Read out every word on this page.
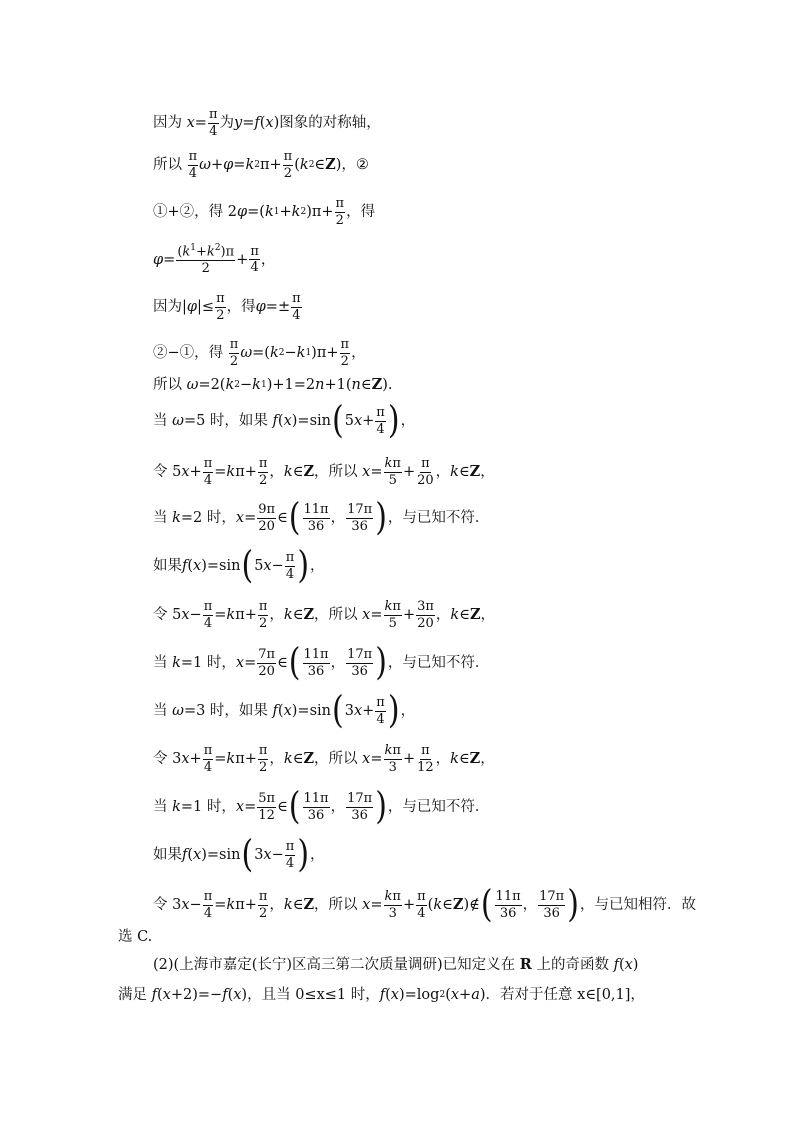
因为
$x = \frac{\pi}{4}$ 为 y = f ( x ) 图象的对称轴，
所以
$\frac{\pi}{4}$ ω + φ = k 2 $\pi+ \frac{\pi}{2}$ ( k 2 ∈ Z )， ②
①+②，得 2 φ =( k 1 + k 2 )$\pi+ \frac{\pi}{2}$ ，得
$\varphi = \frac{(k^1+k^2)\pi}{2} + \frac{\pi}{4}$ ，
因为 | φ |≤ $\frac{\pi}{2}$ ，得 $\varphi =\pm \frac{\pi}{4}$
②−①，得
$\frac{\pi}{2}$ ω =( k 2 − k 1 )$\pi+ \frac{\pi}{2}$ ，
所以
ω =2( k 2 − k 1 )+1=2 n +1( n ∈ Z ).
当
ω =5 时，如果
f ( x )=sin ( 5 $x + \frac{\pi}{4}$ ) ，
令 5 $x + \frac{\pi}{4} = k$ $\pi+ \frac{\pi}{2}$ ， k ∈ Z ，所以
$x = \frac{k\pi}{5} + \frac{\pi}{20}$ ， k ∈ Z ，
当
k =2 时， $x = \frac{9\pi}{20}$ ∈ ( $\frac{11\pi}{36}$ ， $\frac{17\pi}{36}$ ) ，与已知不符．
如果 f ( x )=sin ( 5 $x - \frac{\pi}{4}$ ) ，
令 5 $x - \frac{\pi}{4} = k$ $\pi+ \frac{\pi}{2}$ ， k ∈ Z ，所以
$x = \frac{k\pi}{5} + \frac{3\pi}{20}$ ， k ∈ Z ，
当
k =1 时， $x = \frac{7\pi}{20}$ ∈ ( $\frac{11\pi}{36}$ ， $\frac{17\pi}{36}$ ) ，与已知不符．
当
ω =3 时，如果
f ( x )=sin ( 3 $x + \frac{\pi}{4}$ ) ，
令 3 $x + \frac{\pi}{4} = k$ $\pi+ \frac{\pi}{2}$ ， k ∈ Z ，所以
$x = \frac{k\pi}{3} + \frac{\pi}{12}$ ， k ∈ Z ，
当
k =1 时， $x = \frac{5\pi}{12}$ ∈ ( $\frac{11\pi}{36}$ ， $\frac{17\pi}{36}$ ) ，与已知不符．
如果 f ( x )=sin ( 3 $x - \frac{\pi}{4}$ ) ，
令 3 $x - \frac{\pi}{4} = k$ $\pi+ \frac{\pi}{2}$ ， k ∈ Z ，所以
$x = \frac{k\pi}{3} + \frac{\pi}{4}$ ( k ∈ Z )∉ ( $\frac{11\pi}{36}$ ， $\frac{17\pi}{36}$ ) ，与已知相符．故
选 C.
(2)(上海市嘉定(长宁)区高三第二次质量调研)已知定义在
R
上的奇函数
f ( x )
满足
f ( x +2)=− f ( x ) ，且当 0≤x≤1 时， f ( x )=log 2 ( x + a ) ．若对于任意 x∈[0,1]，
